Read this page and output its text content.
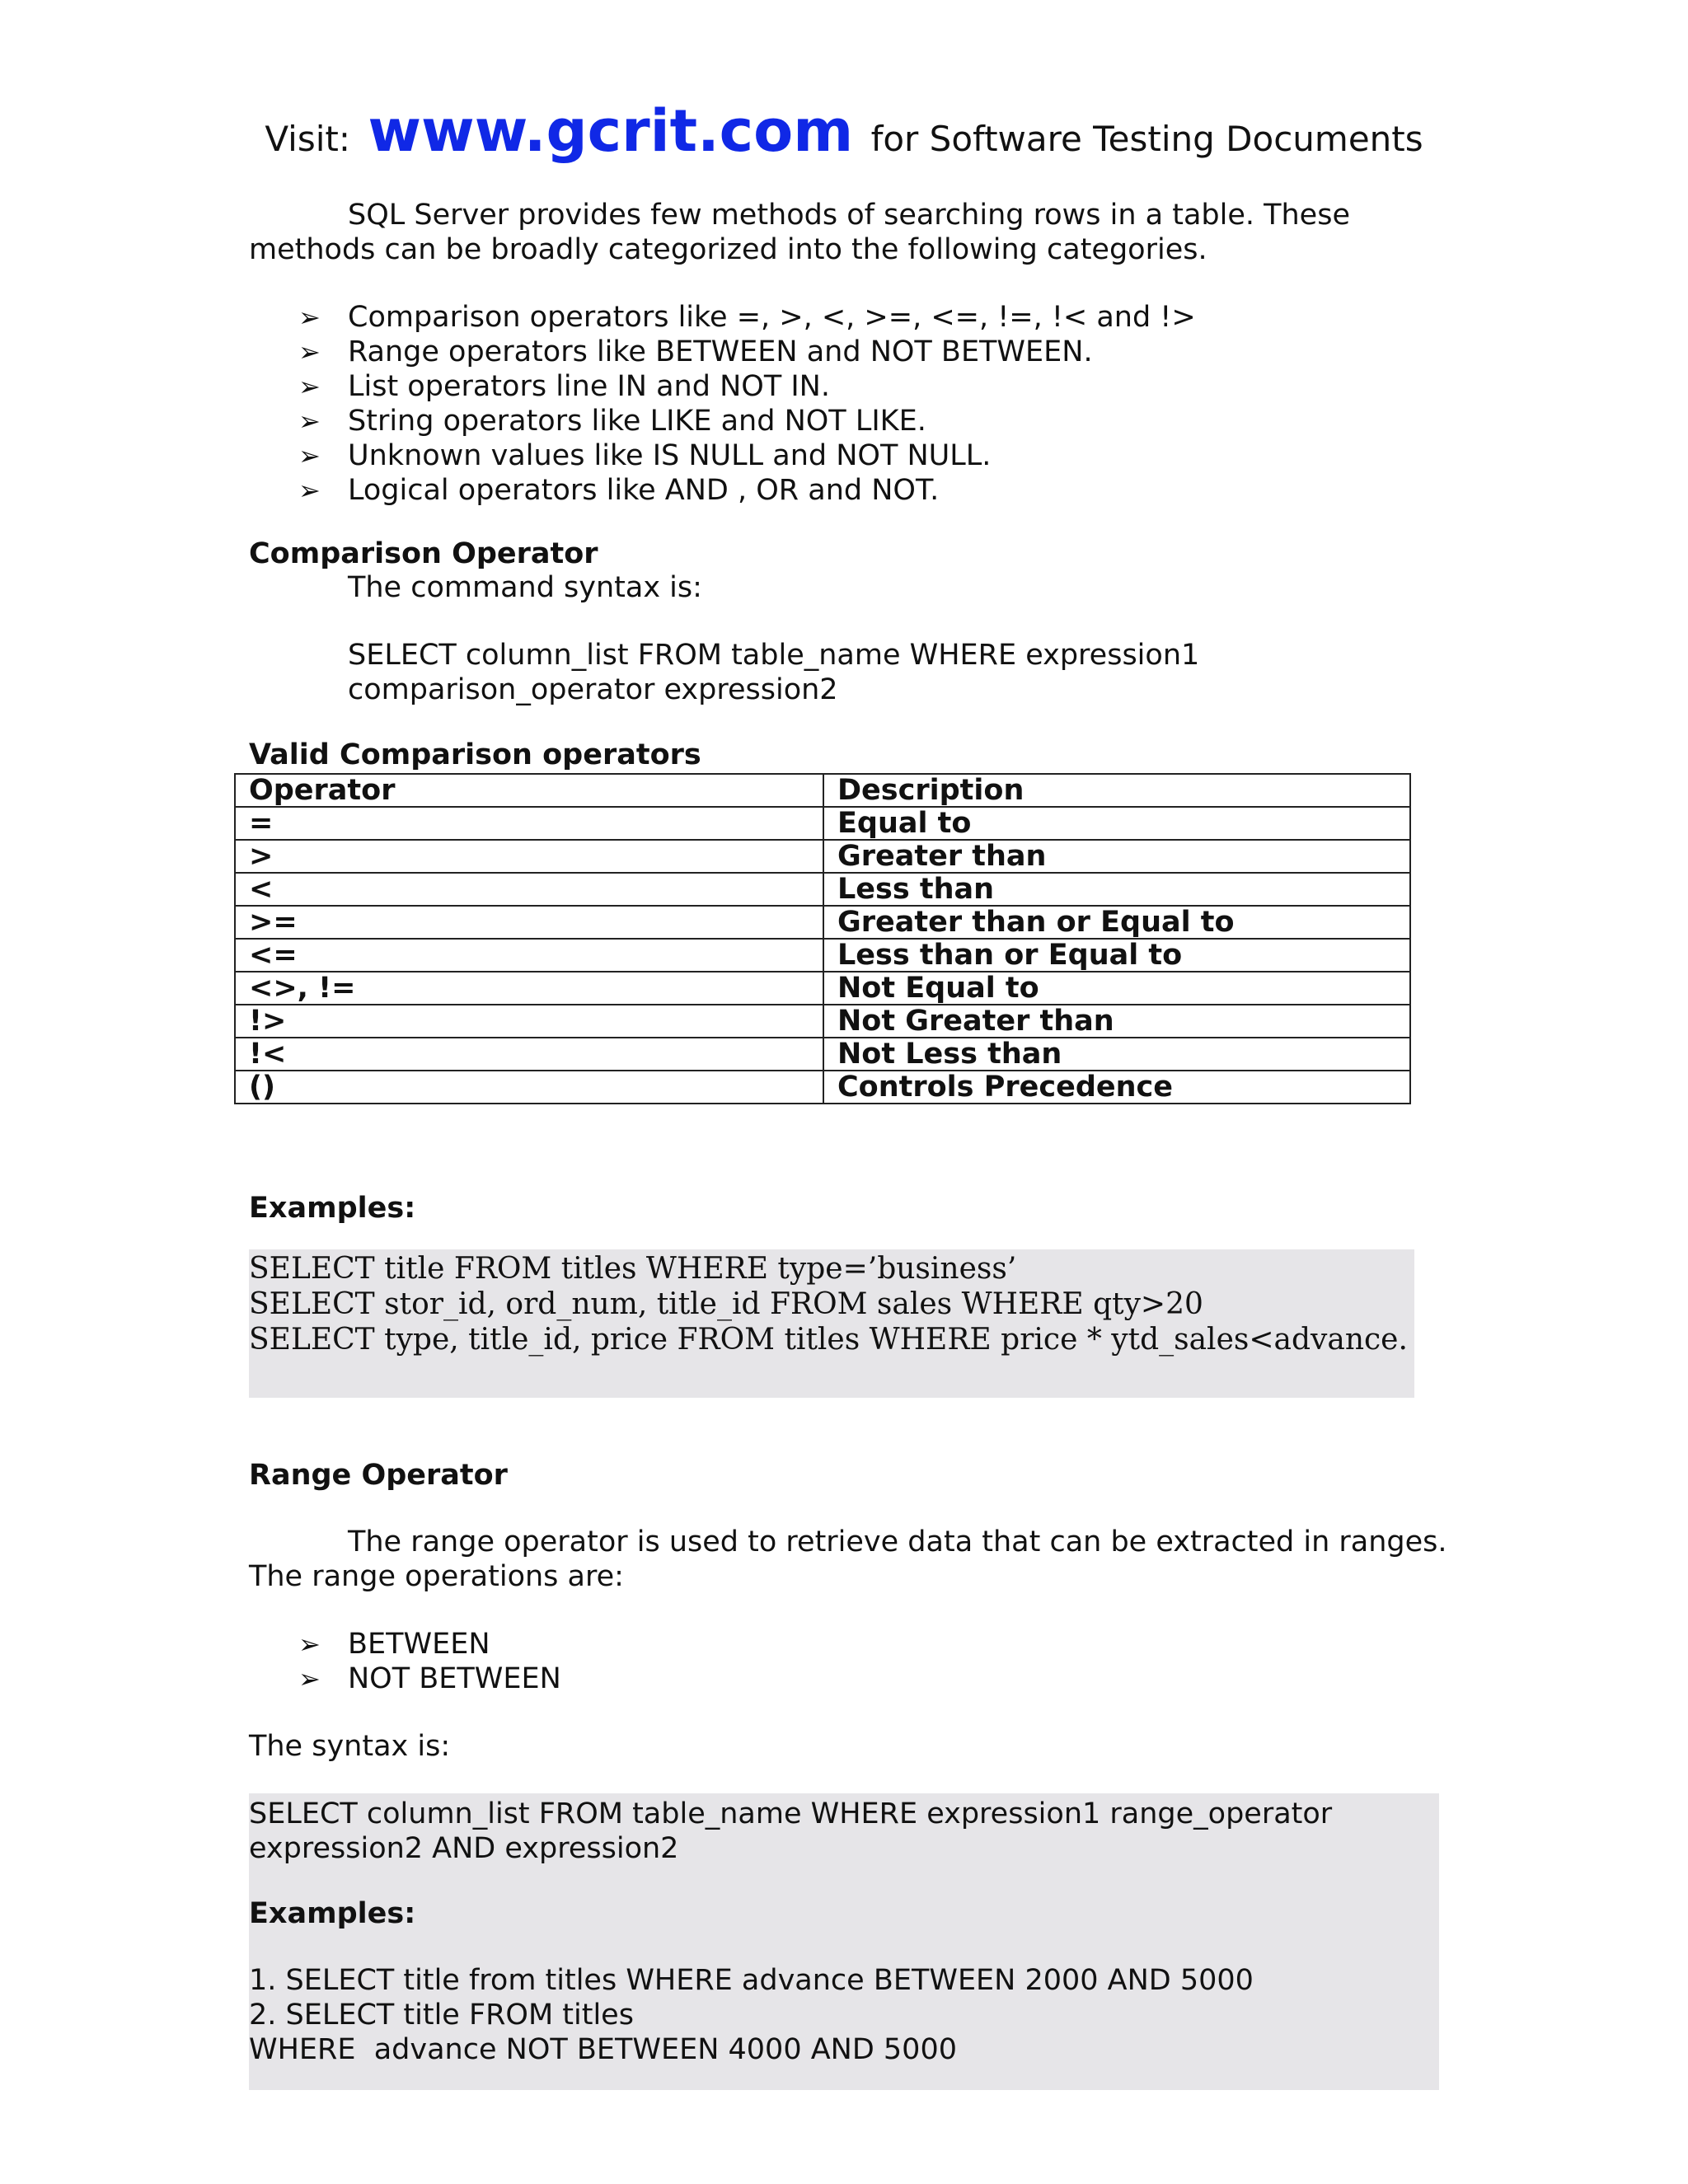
Visit: www.gcrit.com for Software Testing Documents
SQL Server provides few methods of searching rows in a table. These
methods can be broadly categorized into the following categories.
➢ Comparison operators like =, >, <, >=, <=, !=, !< and !>
➢ Range operators like BETWEEN and NOT BETWEEN.
➢ List operators line IN and NOT IN.
➢ String operators like LIKE and NOT LIKE.
➢ Unknown values like IS NULL and NOT NULL.
➢ Logical operators like AND , OR and NOT.
Comparison Operator
The command syntax is:
SELECT column_list FROM table_name WHERE expression1
comparison_operator expression2
Valid Comparison operators
Operator	Description
=	Equal to
>	Greater than
<	Less than
>=	Greater than or Equal to
<=	Less than or Equal to
<>, !=	Not Equal to
!>	Not Greater than
!<	Not Less than
()	Controls Precedence
Examples:
SELECT title FROM titles WHERE type=’business’
SELECT stor_id, ord_num, title_id FROM sales WHERE qty>20
SELECT type, title_id, price FROM titles WHERE price * ytd_sales<advance.
Range Operator
The range operator is used to retrieve data that can be extracted in ranges.
The range operations are:
➢ BETWEEN
➢ NOT BETWEEN
The syntax is:
SELECT column_list FROM table_name WHERE expression1 range_operator
expression2 AND expression2
Examples:
1. SELECT title from titles WHERE advance BETWEEN 2000 AND 5000
2. SELECT title FROM titles
WHERE  advance NOT BETWEEN 4000 AND 5000
